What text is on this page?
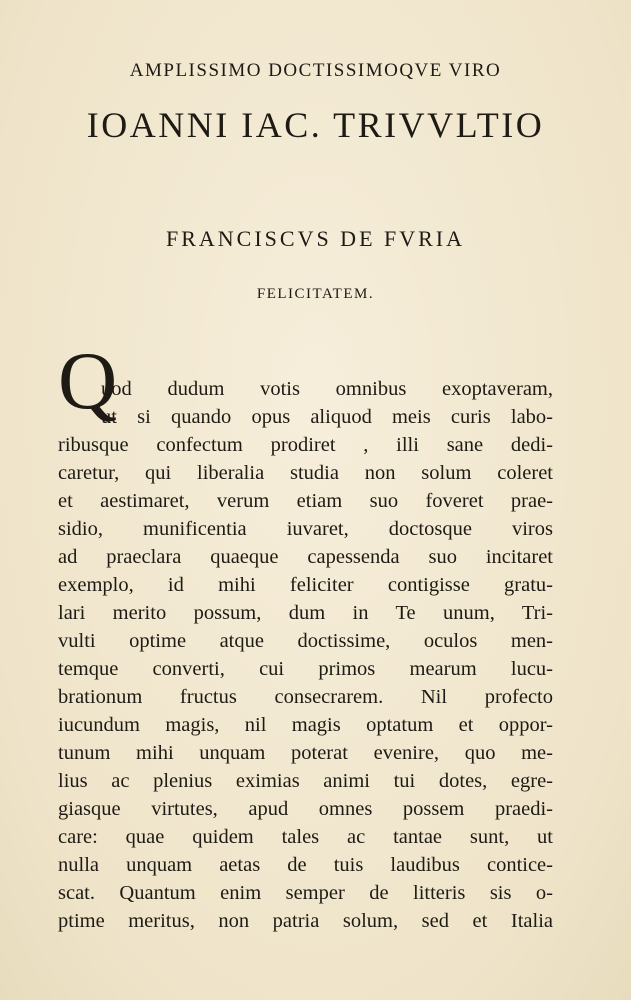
AMPLISSIMO DOCTISSIMOQVE VIRO
IOANNI IAC. TRIVVLTIO
FRANCISCVS DE FVRIA
FELICITATEM.
Q
uod dudum votis omnibus exoptaveram,
ut si quando opus aliquod meis curis labo-
ribusque confectum prodiret , illi sane dedi-
caretur, qui liberalia studia non solum coleret
et aestimaret, verum etiam suo foveret prae-
sidio, munificentia iuvaret, doctosque viros
ad praeclara quaeque capessenda suo incitaret
exemplo, id mihi feliciter contigisse gratu-
lari merito possum, dum in Te unum, Tri-
vulti optime atque doctissime, oculos men-
temque converti, cui primos mearum lucu-
brationum fructus consecrarem. Nil profecto
iucundum magis, nil magis optatum et oppor-
tunum mihi unquam poterat evenire, quo me-
lius ac plenius eximias animi tui dotes, egre-
giasque virtutes, apud omnes possem praedi-
care: quae quidem tales ac tantae sunt, ut
nulla unquam aetas de tuis laudibus contice-
scat. Quantum enim semper de litteris sis o-
ptime meritus, non patria solum, sed et Italia
